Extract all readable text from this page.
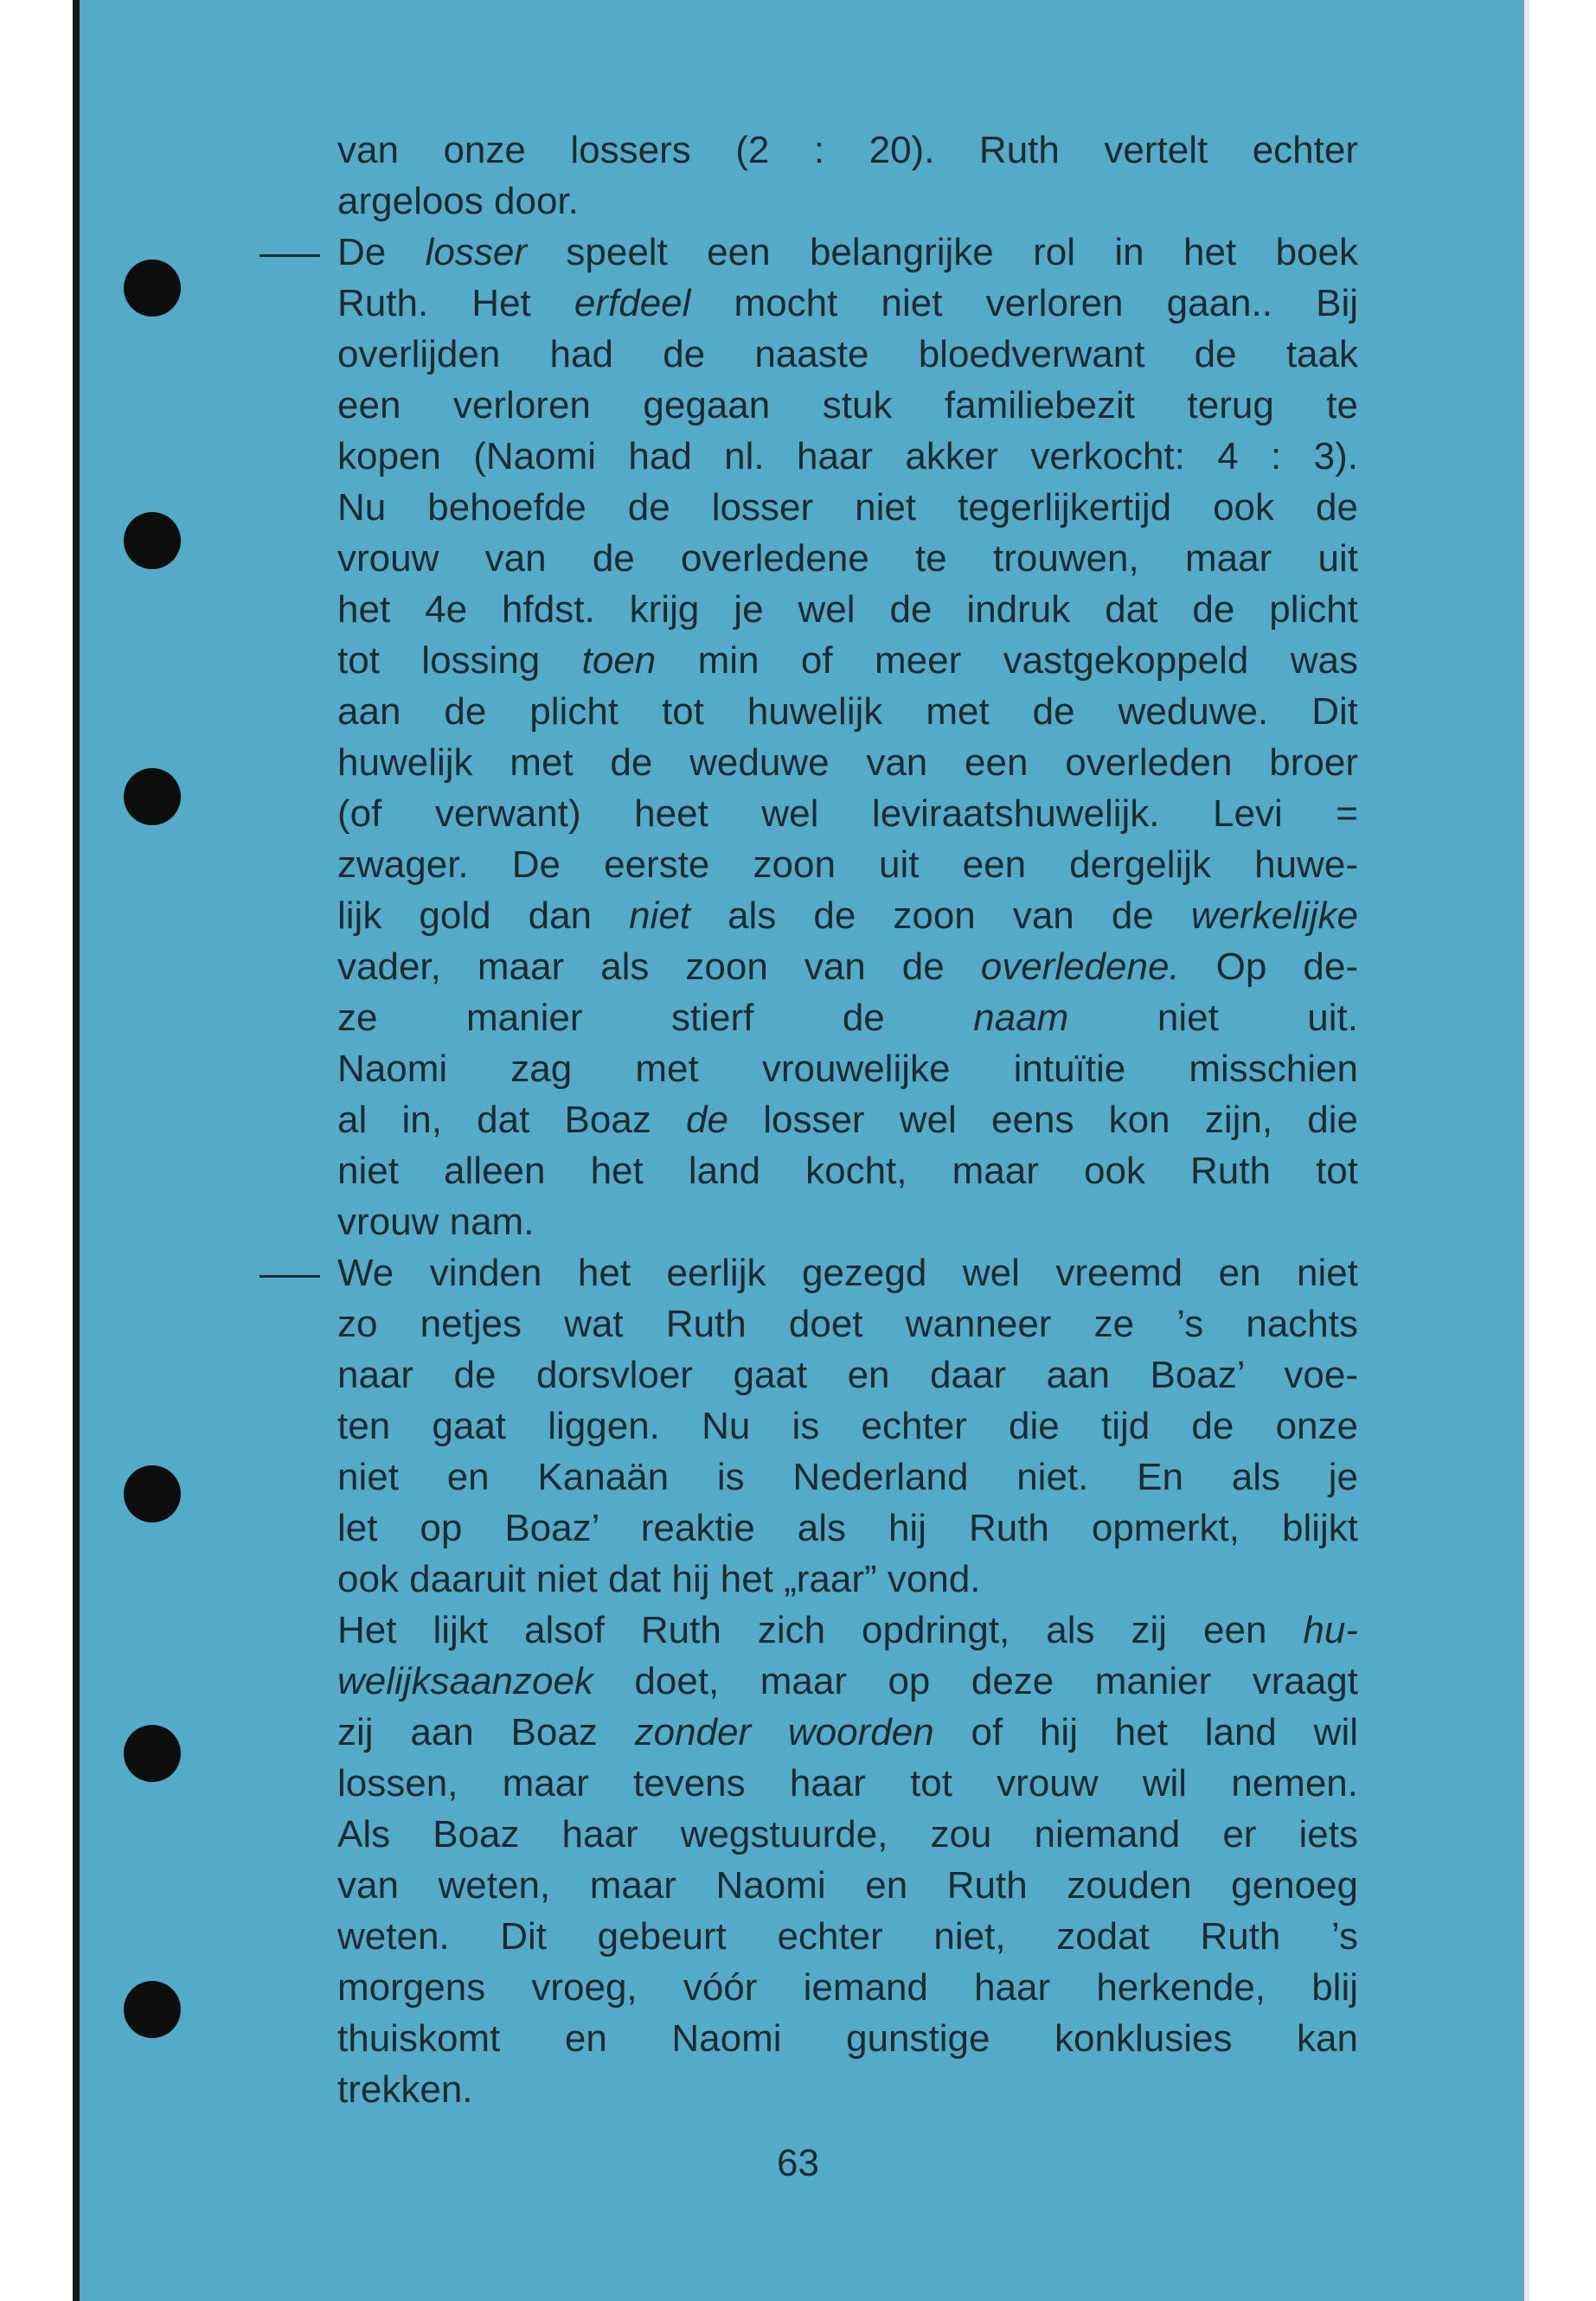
van onze lossers (2 : 20). Ruth vertelt echter
argeloos door.
De losser speelt een belangrijke rol in het boek
Ruth. Het erfdeel mocht niet verloren gaan.. Bij
overlijden had de naaste bloedverwant de taak
een verloren gegaan stuk familiebezit terug te
kopen (Naomi had nl. haar akker verkocht: 4 : 3).
Nu behoefde de losser niet tegerlijkertijd ook de
vrouw van de overledene te trouwen, maar uit
het 4e hfdst. krijg je wel de indruk dat de plicht
tot lossing toen min of meer vastgekoppeld was
aan de plicht tot huwelijk met de weduwe. Dit
huwelijk met de weduwe van een overleden broer
(of verwant) heet wel leviraatshuwelijk. Levi =
zwager. De eerste zoon uit een dergelijk huwe-
lijk gold dan niet als de zoon van de werkelijke
vader, maar als zoon van de overledene. Op de-
ze manier stierf de naam niet uit.
Naomi zag met vrouwelijke intuïtie misschien
al in, dat Boaz de losser wel eens kon zijn, die
niet alleen het land kocht, maar ook Ruth tot
vrouw nam.
We vinden het eerlijk gezegd wel vreemd en niet
zo netjes wat Ruth doet wanneer ze ’s nachts
naar de dorsvloer gaat en daar aan Boaz’ voe-
ten gaat liggen. Nu is echter die tijd de onze
niet en Kanaän is Nederland niet. En als je
let op Boaz’ reaktie als hij Ruth opmerkt, blijkt
ook daaruit niet dat hij het „raar” vond.
Het lijkt alsof Ruth zich opdringt, als zij een hu-
welijksaanzoek doet, maar op deze manier vraagt
zij aan Boaz zonder woorden of hij het land wil
lossen, maar tevens haar tot vrouw wil nemen.
Als Boaz haar wegstuurde, zou niemand er iets
van weten, maar Naomi en Ruth zouden genoeg
weten. Dit gebeurt echter niet, zodat Ruth ’s
morgens vroeg, vóór iemand haar herkende, blij
thuiskomt en Naomi gunstige konklusies kan
trekken.
63
